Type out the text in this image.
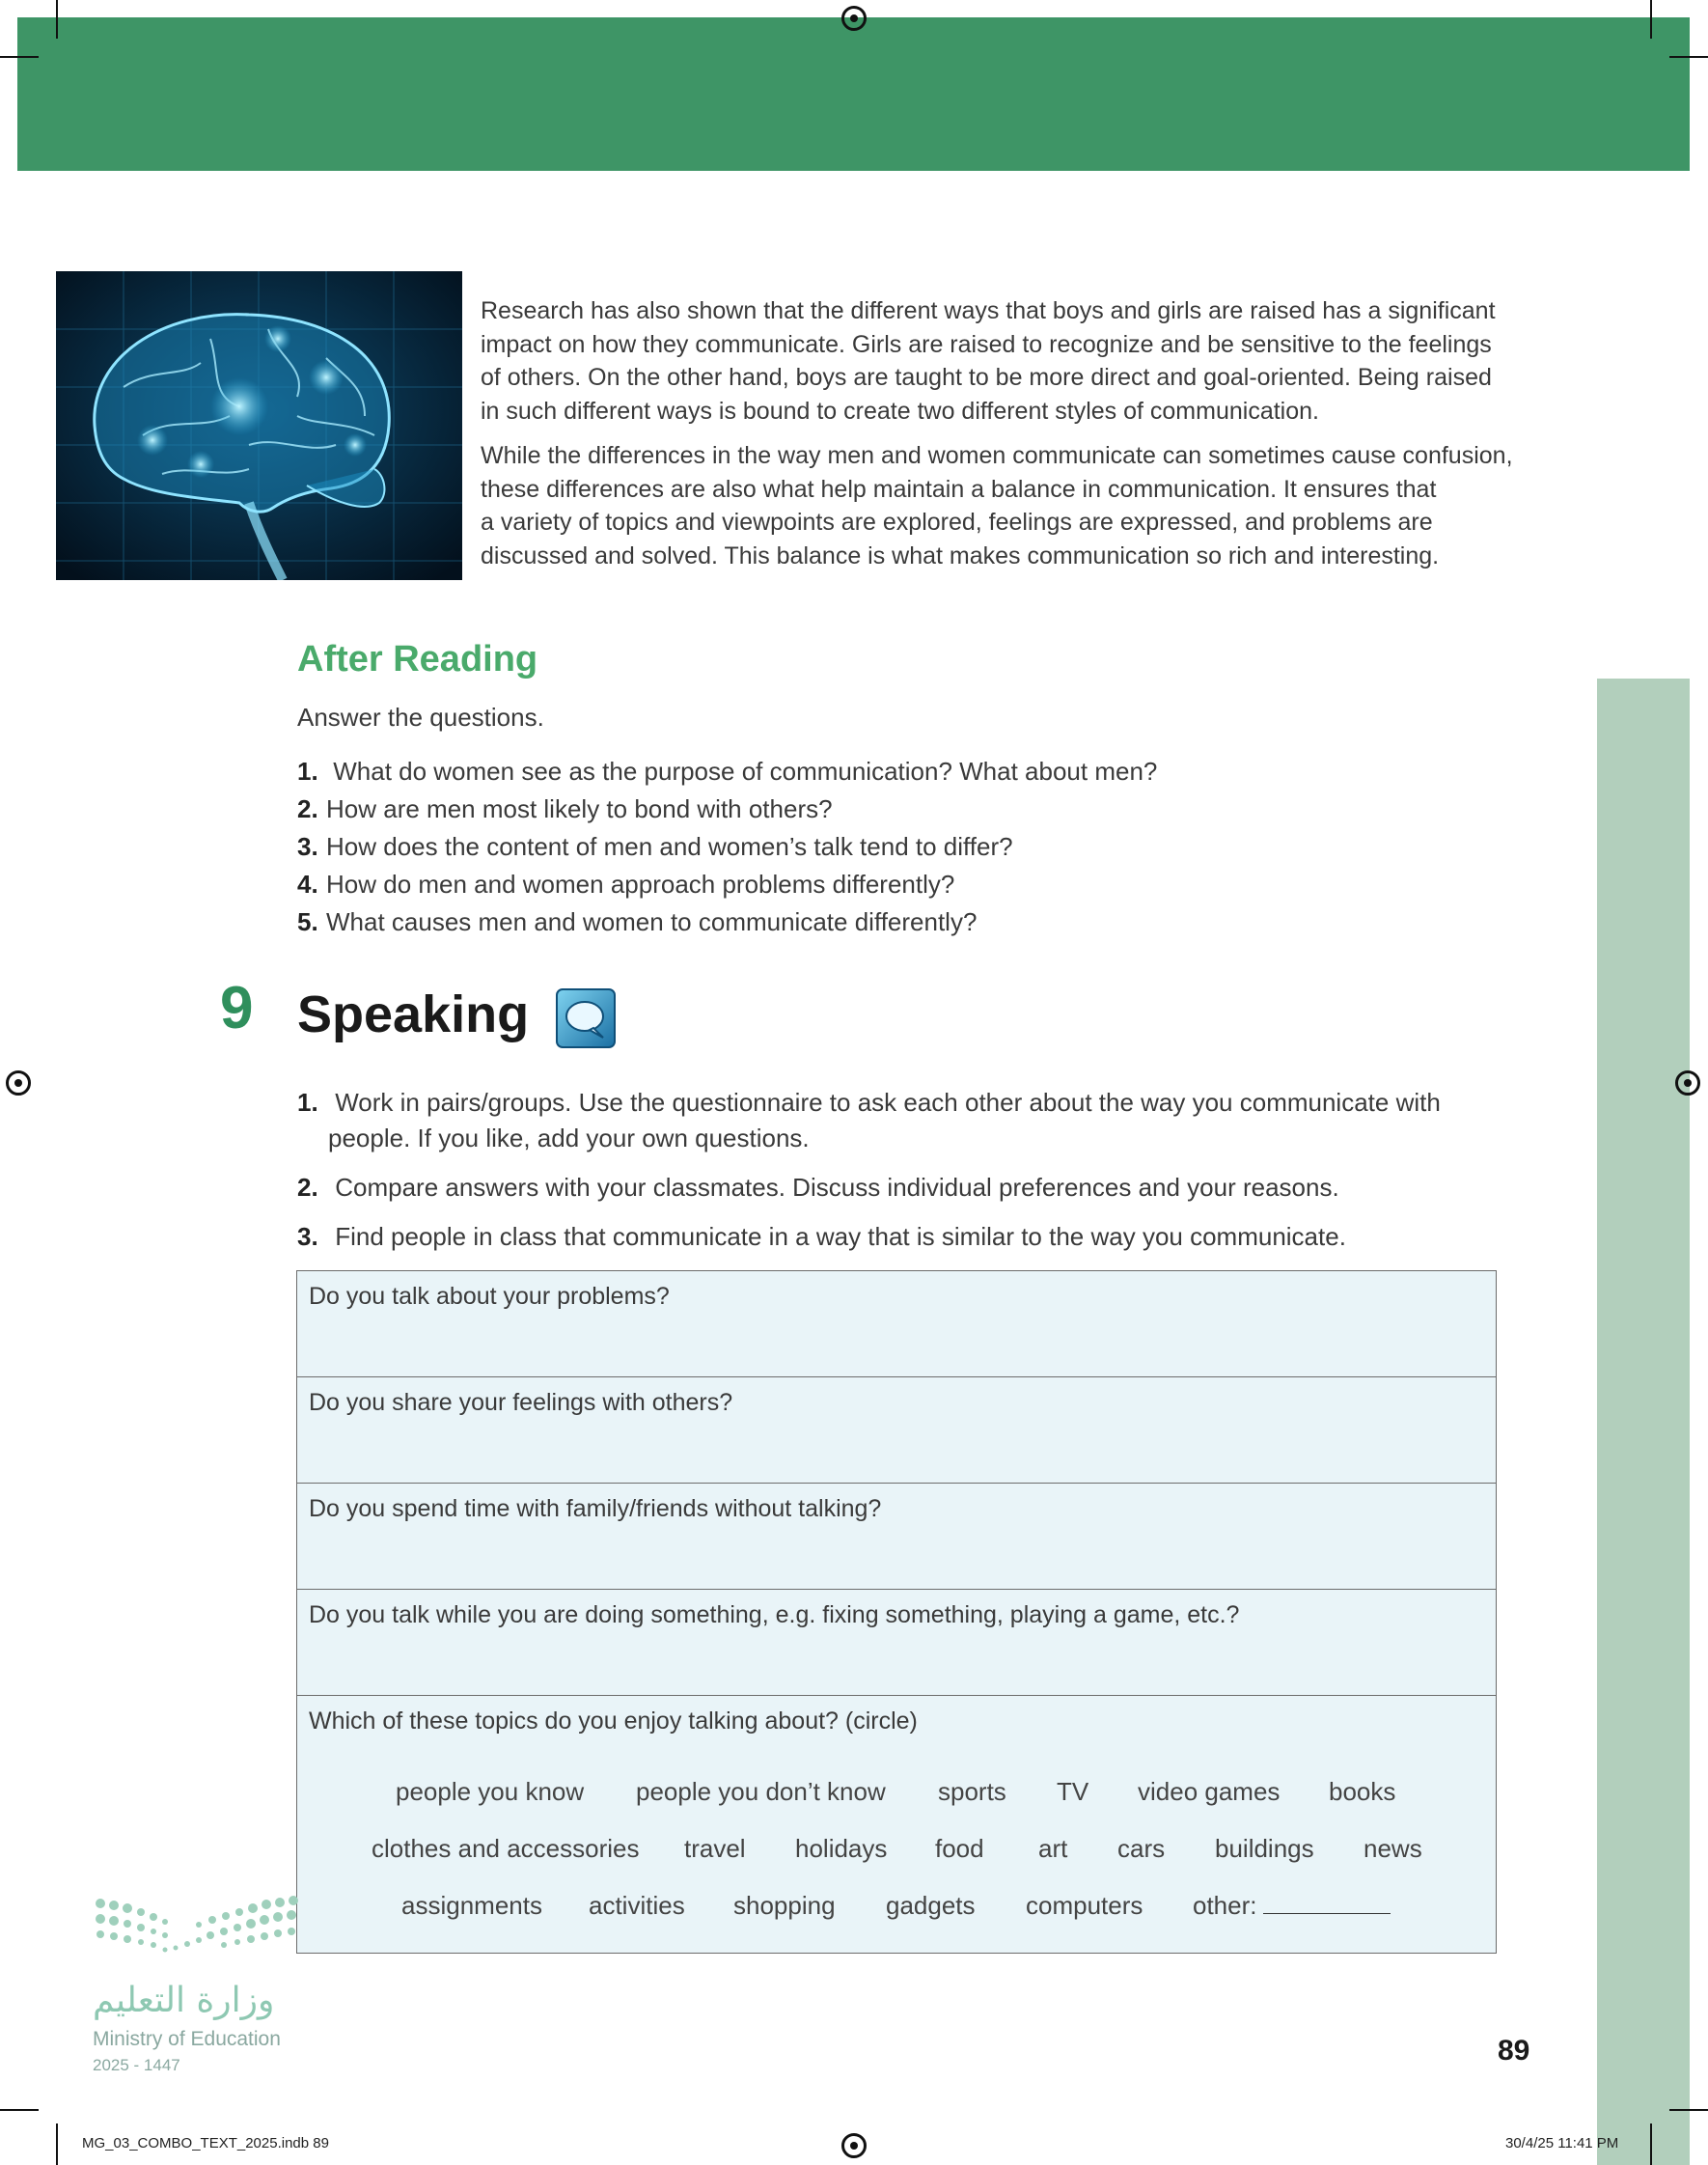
Research has also shown that the different ways that boys and girls are raised has a significant
impact on how they communicate. Girls are raised to recognize and be sensitive to the feelings
of others. On the other hand, boys are taught to be more direct and goal-oriented. Being raised
in such different ways is bound to create two different styles of communication.

While the differences in the way men and women communicate can sometimes cause confusion,
these differences are also what help maintain a balance in communication. It ensures that
a variety of topics and viewpoints are explored, feelings are expressed, and problems are
discussed and solved. This balance is what makes communication so rich and interesting.

After Reading

Answer the questions.

1. What do women see as the purpose of communication? What about men?
2. How are men most likely to bond with others?
3. How does the content of men and women’s talk tend to differ?
4. How do men and women approach problems differently?
5. What causes men and women to communicate differently?
9 Speaking

1. Work in pairs/groups. Use the questionnaire to ask each other about the way you communicate with
people. If you like, add your own questions.

2. Compare answers with your classmates. Discuss individual preferences and your reasons.

3. Find people in class that communicate in a way that is similar to the way you communicate.

Do you talk about your problems?
Do you share your feelings with others?
Do you spend time with family/friends without talking?
Do you talk while you are doing something, e.g. fixing something, playing a game, etc.?
Which of these topics do you enjoy talking about? (circle)
people you know people you don’t know sports TV video games books
clothes and accessories travel holidays food art cars buildings news
assignments activities shopping gadgets computers other:
وزارة التعليم
Ministry of Education
2025 - 1447	89
MG_03_COMBO_TEXT_2025.indb 89	30/4/25 11:41 PM
